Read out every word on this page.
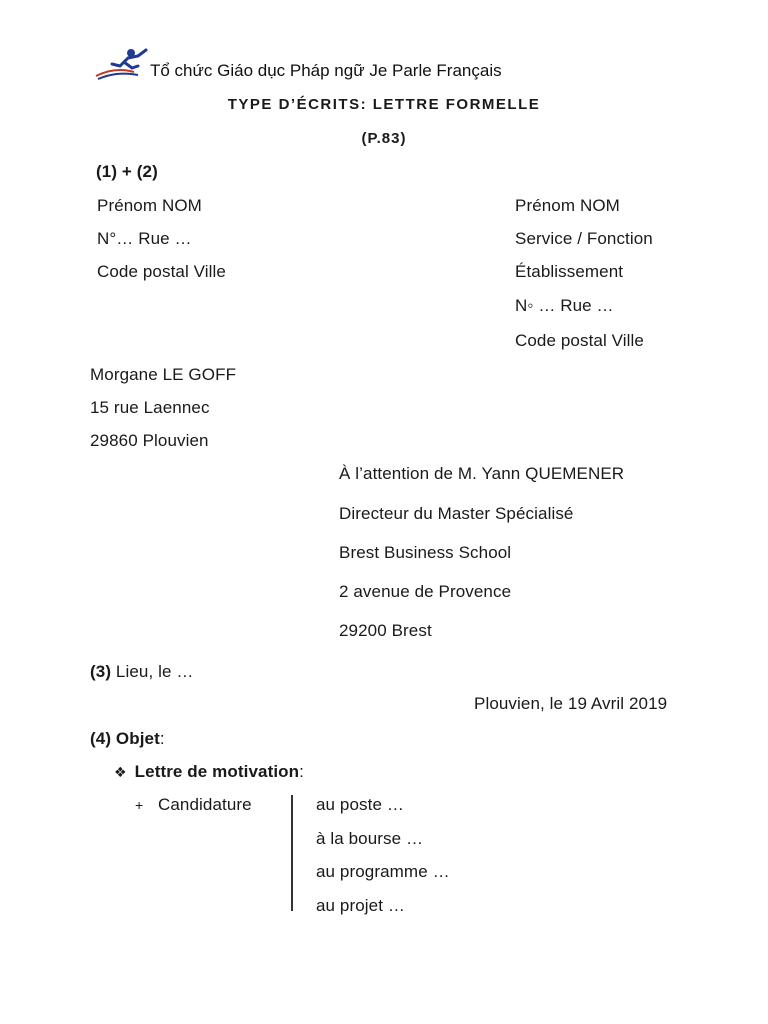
Tổ chức Giáo dục Pháp ngữ Je Parle Français
TYPE D’ÉCRITS: LETTRE FORMELLE
(P.83)
(1) + (2)
Prénom NOM
N°… Rue …
Code postal Ville
Prénom NOM
Service / Fonction
Établissement
N◦ … Rue …
Code postal Ville
Morgane LE GOFF
15 rue Laennec
29860 Plouvien
À l’attention de M. Yann QUEMENER
Directeur du Master Spécialisé
Brest Business School
2 avenue de Provence
29200 Brest
(3) Lieu, le …
Plouvien, le 19 Avril 2019
(4) Objet:
❖ Lettre de motivation:
+ Candidature	au poste …
à la bourse …
au programme …
au projet …
